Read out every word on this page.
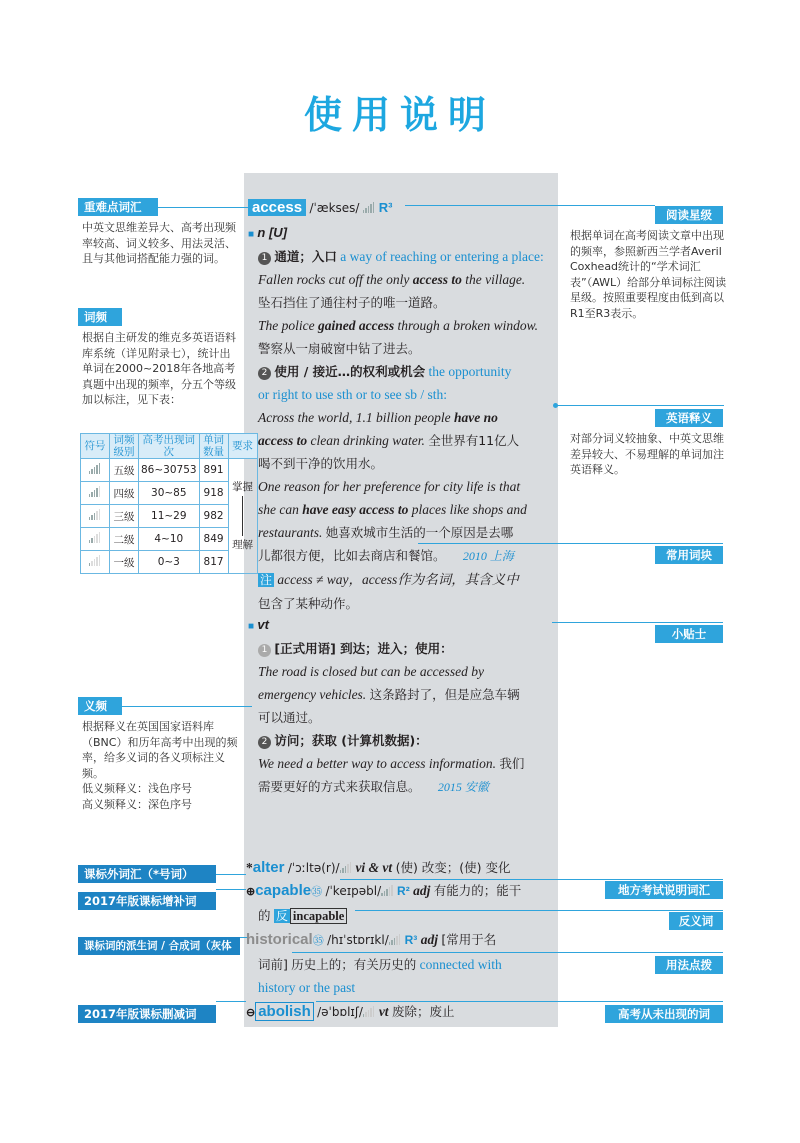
使用说明
重难点词汇
中英文思维差异大、高考出现频率较高、词义较多、用法灵活、且与其他词搭配能力强的词。
词频
根据自主研发的维克多英语语料库系统（详见附录七），统计出单词在2000~2018年各地高考真题中出现的频率，分五个等级加以标注，见下表：
符号	词频级别	高考出现词次	单词数量	要求
	五级	86~30753	891	掌握
理解

	四级	30~85	918	
	三级	11~29	982	
	二级	4~10	849	
	一级	0~3	817	
义频
根据释义在英国国家语料库（BNC）和历年高考中出现的频率，给多义词的各义项标注义频。
低义频释义：浅色序号
高义频释义：深色序号
课标外词汇（*号词）
2017年版课标增补词
课标词的派生词 / 合成词（灰体词）
2017年版课标删减词
阅读星级
根据单词在高考阅读文章中出现的频率，参照新西兰学者Averil Coxhead统计的“学术词汇表”（AWL）给部分单词标注阅读星级。按照重要程度由低到高以R1至R3表示。
英语释义
对部分词义较抽象、中英文思维差异较大、不易理解的单词加注英语释义。
常用词块
小贴士
地方考试说明词汇
反义词
用法点拨
高考从未出现的词
access /ˈækses/ R³
■ n [U]
1 通道；入口 a way of reaching or entering a place:
Fallen rocks cut off the only access to the village.
坠石挡住了通往村子的唯一道路。
The police gained access through a broken window.
警察从一扇破窗中钻了进去。
2 使用 / 接近…的权利或机会 the opportunity
or right to use sth or to see sb / sth:
Across the world, 1.1 billion people have no
access to clean drinking water. 全世界有11亿人
喝不到干净的饮用水。
One reason for her preference for city life is that
she can have easy access to places like shops and
restaurants. 她喜欢城市生活的一个原因是去哪
儿都很方便，比如去商店和餐馆。 2010 上海
注 access ≠ way，access作为名词，其含义中
包含了某种动作。
■ vt
1 [正式用语] 到达；进入；使用：
The road is closed but can be accessed by
emergency vehicles. 这条路封了，但是应急车辆
可以通过。
2 访问；获取 (计算机数据)：
We need a better way to access information. 我们
需要更好的方式来获取信息。 2015 安徽
*alter /ˈɔːltə(r)/ vi & vt (使) 改变；(使) 变化
⊕capable㉟ /ˈkeɪpəbl/ R² adj 有能力的；能干
的 反 incapable
historical㉟ /hɪˈstɒrɪkl/ R³ adj [常用于名
词前] 历史上的；有关历史的 connected with
history or the past
⊖ abolish /əˈbɒlɪʃ/ vt 废除；废止
